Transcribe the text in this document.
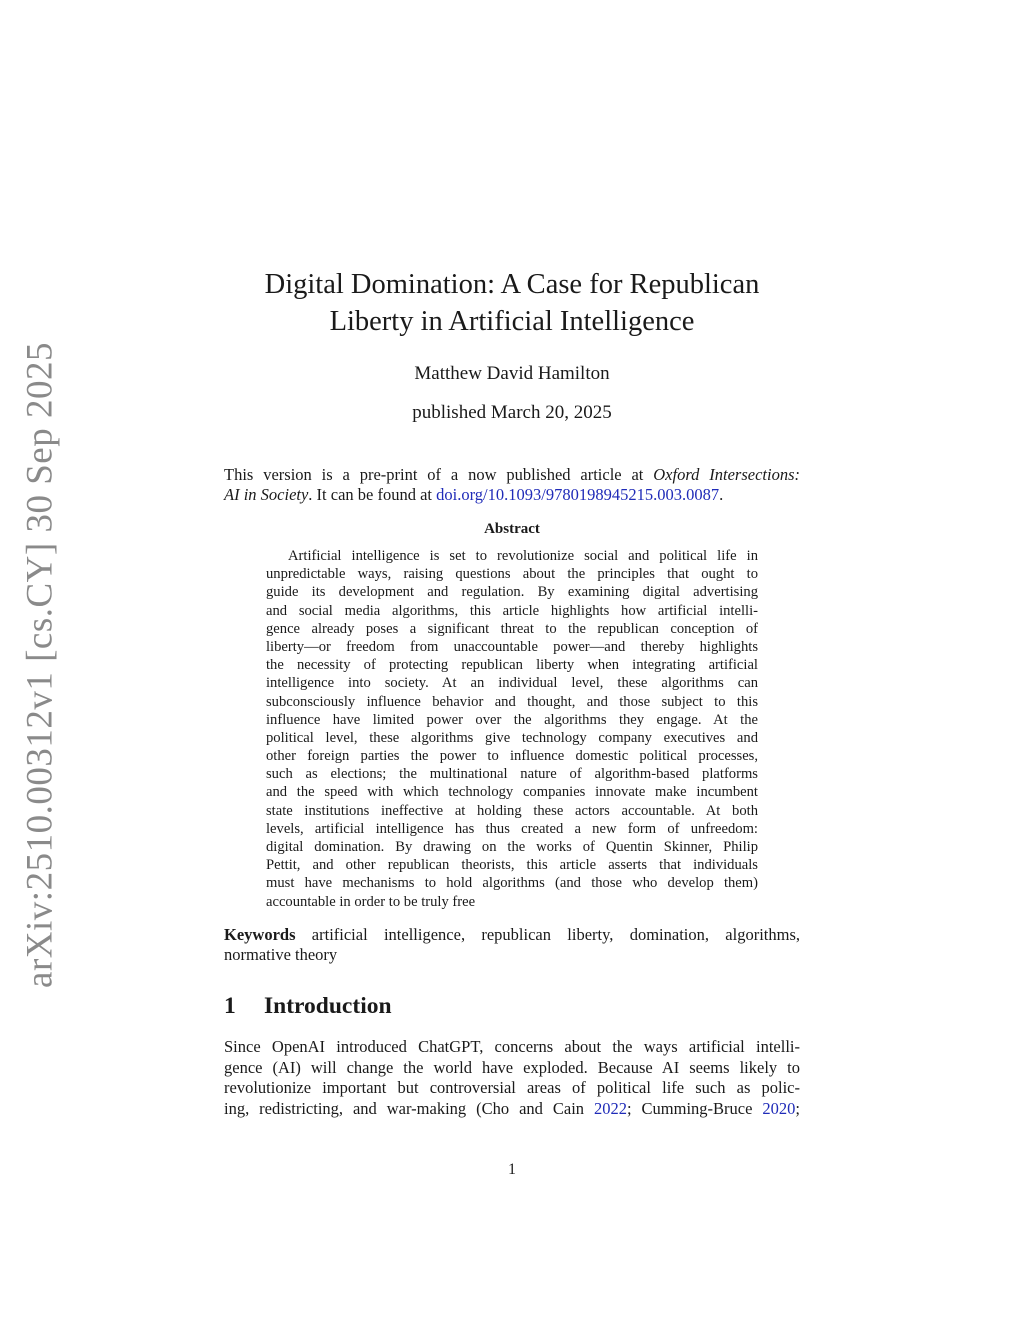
arXiv:2510.00312v1 [cs.CY] 30 Sep 2025
Digital Domination: A Case for Republican
Liberty in Artificial Intelligence
Matthew David Hamilton
published March 20, 2025
This version is a pre-print of a now published article at Oxford Intersections:
AI in Society. It can be found at doi.org/10.1093/9780198945215.003.0087.
Abstract
Artificial intelligence is set to revolutionize social and political life in
unpredictable ways, raising questions about the principles that ought to
guide its development and regulation. By examining digital advertising
and social media algorithms, this article highlights how artificial intelli-
gence already poses a significant threat to the republican conception of
liberty—or freedom from unaccountable power—and thereby highlights
the necessity of protecting republican liberty when integrating artificial
intelligence into society. At an individual level, these algorithms can
subconsciously influence behavior and thought, and those subject to this
influence have limited power over the algorithms they engage. At the
political level, these algorithms give technology company executives and
other foreign parties the power to influence domestic political processes,
such as elections; the multinational nature of algorithm-based platforms
and the speed with which technology companies innovate make incumbent
state institutions ineffective at holding these actors accountable. At both
levels, artificial intelligence has thus created a new form of unfreedom:
digital domination. By drawing on the works of Quentin Skinner, Philip
Pettit, and other republican theorists, this article asserts that individuals
must have mechanisms to hold algorithms (and those who develop them)
accountable in order to be truly free
Keywords artificial intelligence, republican liberty, domination, algorithms,
normative theory
1 Introduction
Since OpenAI introduced ChatGPT, concerns about the ways artificial intelli-
gence (AI) will change the world have exploded. Because AI seems likely to
revolutionize important but controversial areas of political life such as polic-
ing, redistricting, and war-making (Cho and Cain 2022; Cumming-Bruce 2020;
1
